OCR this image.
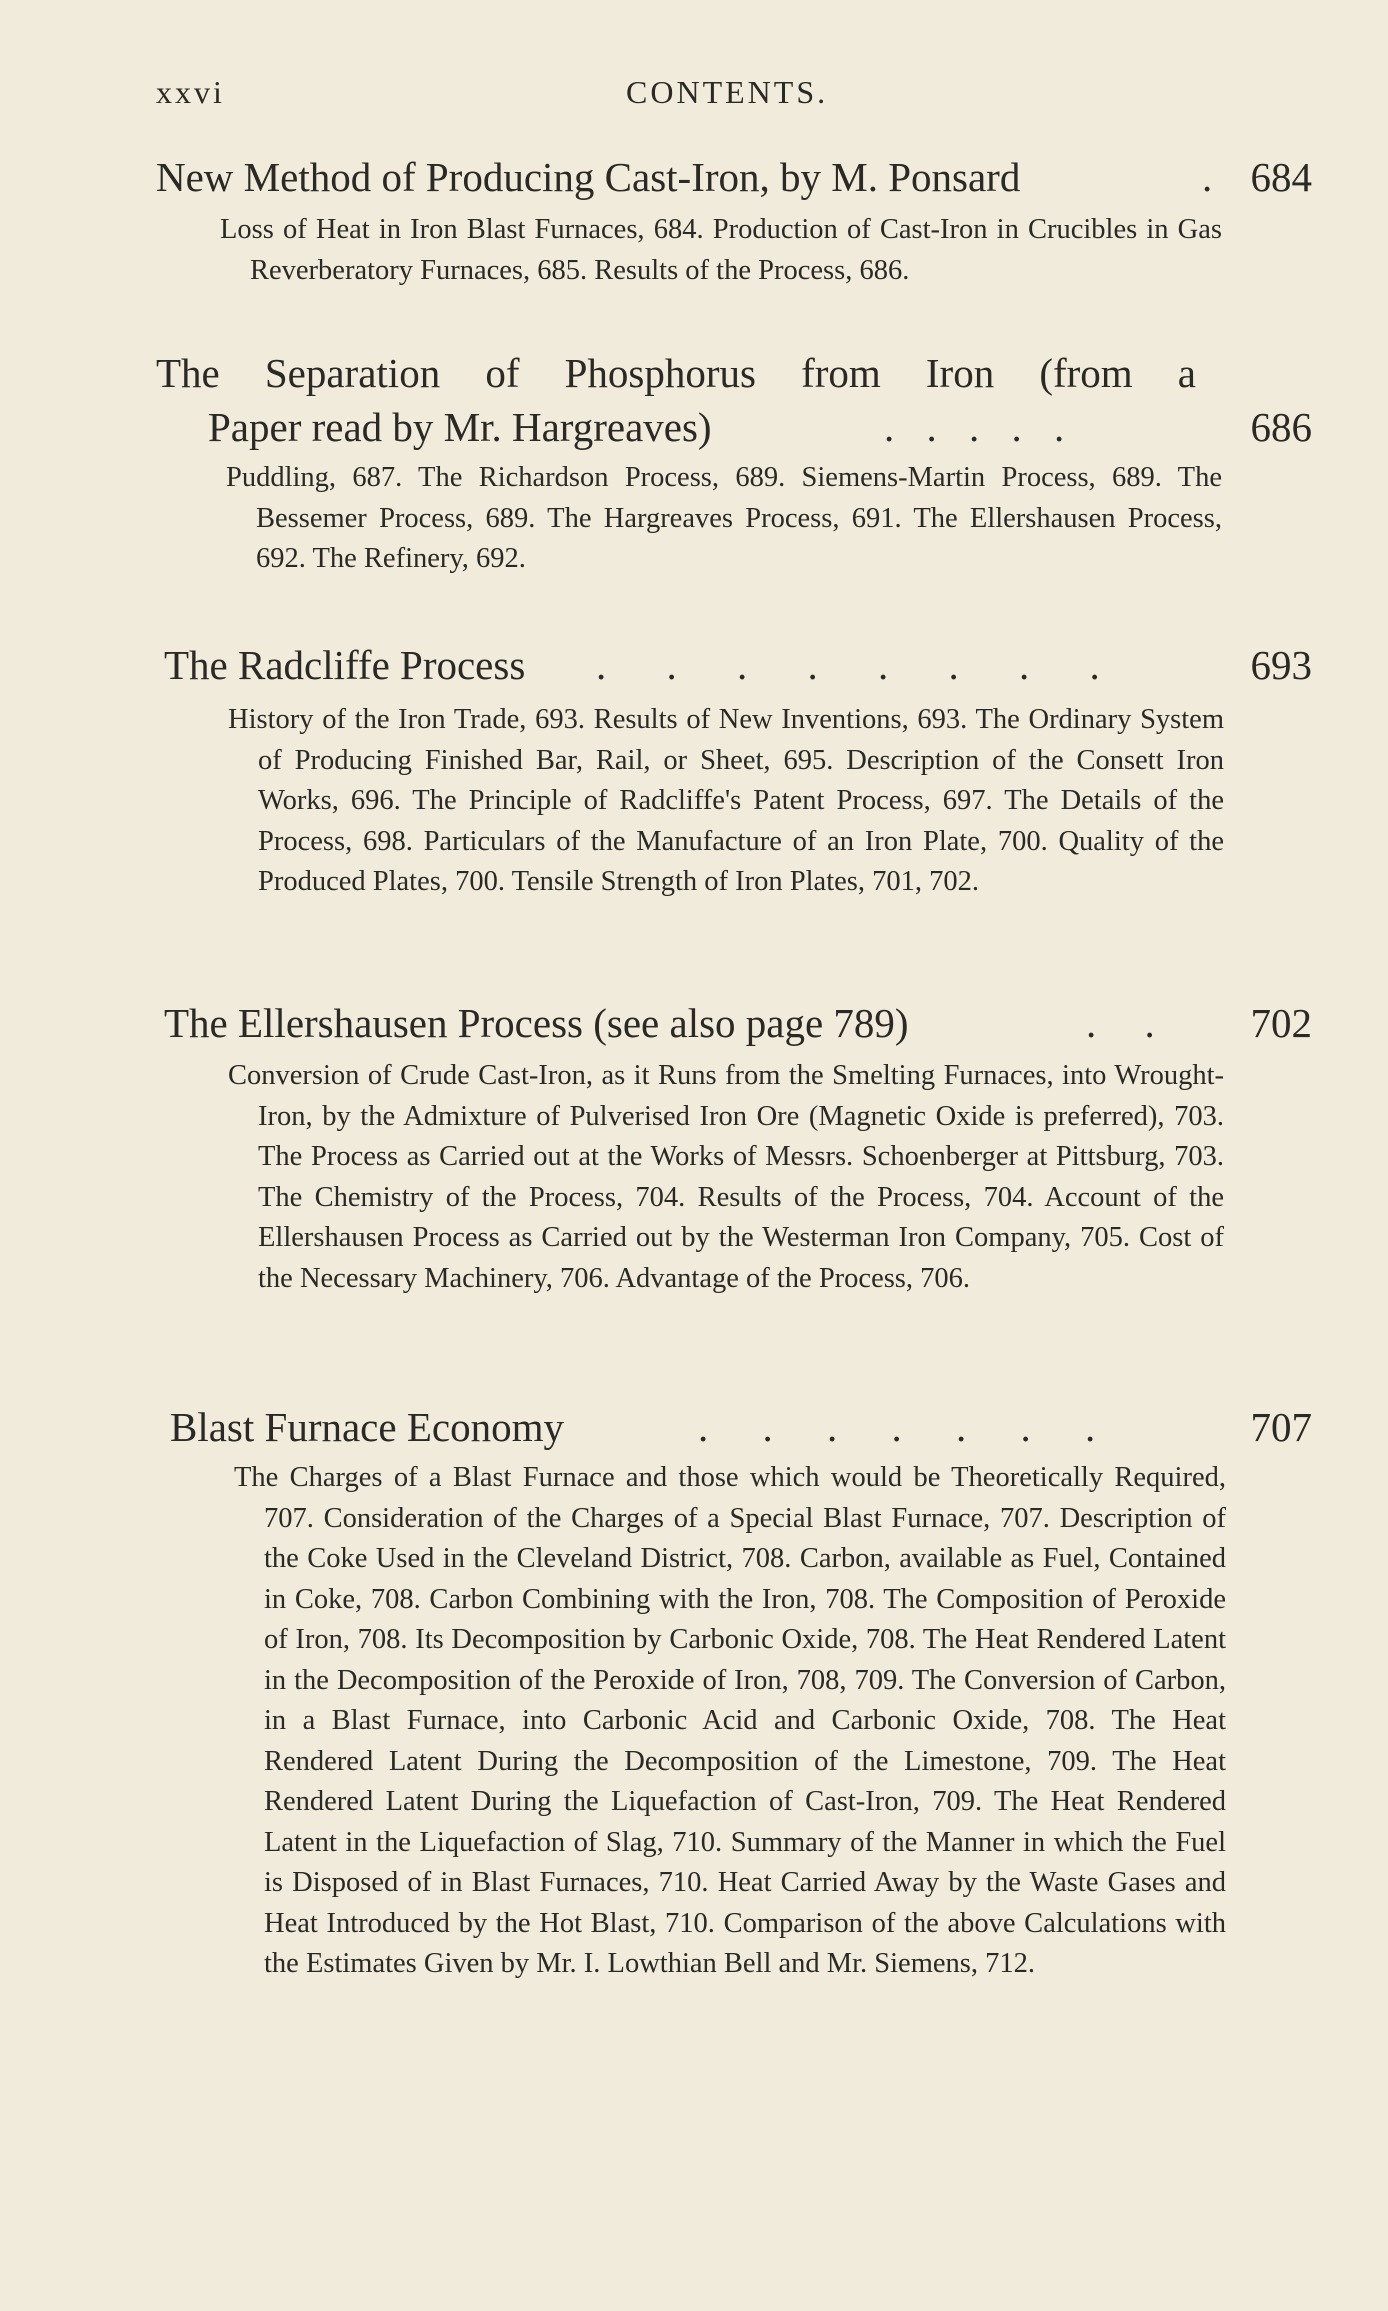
xxvi	CONTENTS.
New Method of Producing Cast-Iron, by M. Ponsard	. 684
Loss of Heat in Iron Blast Furnaces, 684. Production of Cast-Iron in Crucibles in Gas Reverberatory Furnaces, 685. Results of the Process, 686.
The Separation of Phosphorus from Iron (from a
Paper read by Mr. Hargreaves)	. . . . .	686
Puddling, 687. The Richardson Process, 689. Siemens-Martin Process, 689. The Bessemer Process, 689. The Hargreaves Process, 691. The Ellershausen Process, 692. The Refinery, 692.
The Radcliffe Process . . . . . . . .	693
History of the Iron Trade, 693. Results of New Inventions, 693. The Ordinary System of Producing Finished Bar, Rail, or Sheet, 695. Description of the Consett Iron Works, 696. The Principle of Radcliffe's Patent Process, 697. The Details of the Process, 698. Particulars of the Manufacture of an Iron Plate, 700. Quality of the Produced Plates, 700. Tensile Strength of Iron Plates, 701, 702.
The Ellershausen Process (see also page 789)	. . 702
Conversion of Crude Cast-Iron, as it Runs from the Smelting Furnaces, into Wrought-Iron, by the Admixture of Pulverised Iron Ore (Magnetic Oxide is preferred), 703. The Process as Carried out at the Works of Messrs. Schoenberger at Pittsburg, 703. The Chemistry of the Process, 704. Results of the Process, 704. Account of the Ellershausen Process as Carried out by the Westerman Iron Company, 705. Cost of the Necessary Machinery, 706. Advantage of the Process, 706.
Blast Furnace Economy	. . . . . . .	707
The Charges of a Blast Furnace and those which would be Theoretically Required, 707. Consideration of the Charges of a Special Blast Furnace, 707. Description of the Coke Used in the Cleveland District, 708. Carbon, available as Fuel, Contained in Coke, 708. Carbon Combining with the Iron, 708. The Composition of Peroxide of Iron, 708. Its Decomposition by Carbonic Oxide, 708. The Heat Rendered Latent in the Decomposition of the Peroxide of Iron, 708, 709. The Conversion of Carbon, in a Blast Furnace, into Carbonic Acid and Carbonic Oxide, 708. The Heat Rendered Latent During the Decomposition of the Limestone, 709. The Heat Rendered Latent During the Liquefaction of Cast-Iron, 709. The Heat Rendered Latent in the Liquefaction of Slag, 710. Summary of the Manner in which the Fuel is Disposed of in Blast Furnaces, 710. Heat Carried Away by the Waste Gases and Heat Introduced by the Hot Blast, 710. Comparison of the above Calculations with the Estimates Given by Mr. I. Lowthian Bell and Mr. Siemens, 712.
